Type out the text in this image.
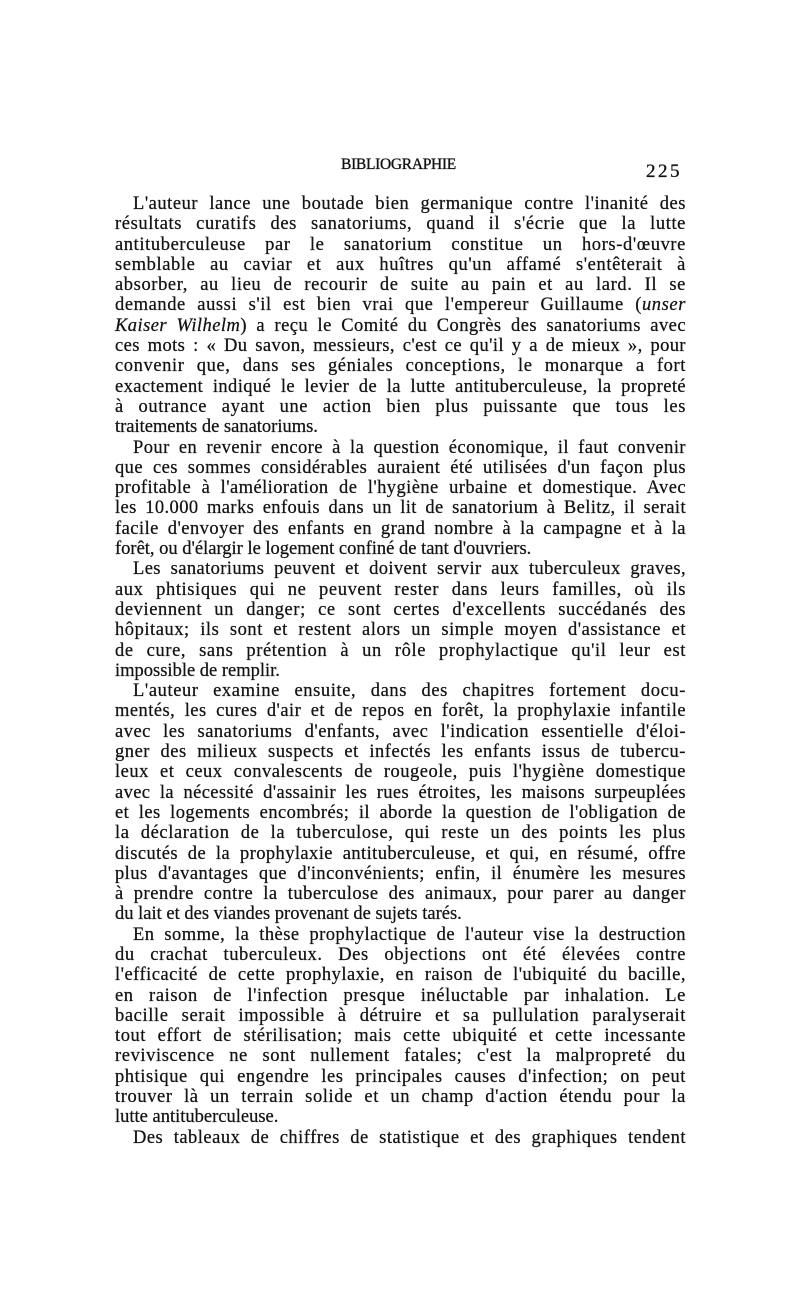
BIBLIOGRAPHIE	225
L'auteur lance une boutade bien germanique contre l'inanité des
résultats curatifs des sanatoriums, quand il s'écrie que la lutte
antituberculeuse par le sanatorium constitue un hors-d'œuvre
semblable au caviar et aux huîtres qu'un affamé s'entêterait à
absorber, au lieu de recourir de suite au pain et au lard. Il se
demande aussi s'il est bien vrai que l'empereur Guillaume (unser
Kaiser Wilhelm) a reçu le Comité du Congrès des sanatoriums avec
ces mots : « Du savon, messieurs, c'est ce qu'il y a de mieux », pour
convenir que, dans ses géniales conceptions, le monarque a fort
exactement indiqué le levier de la lutte antituberculeuse, la propreté
à outrance ayant une action bien plus puissante que tous les
traitements de sanatoriums.
Pour en revenir encore à la question économique, il faut convenir
que ces sommes considérables auraient été utilisées d'un façon plus
profitable à l'amélioration de l'hygiène urbaine et domestique. Avec
les 10.000 marks enfouis dans un lit de sanatorium à Belitz, il serait
facile d'envoyer des enfants en grand nombre à la campagne et à la
forêt, ou d'élargir le logement confiné de tant d'ouvriers.
Les sanatoriums peuvent et doivent servir aux tuberculeux graves,
aux phtisiques qui ne peuvent rester dans leurs familles, où ils
deviennent un danger; ce sont certes d'excellents succédanés des
hôpitaux; ils sont et restent alors un simple moyen d'assistance et
de cure, sans prétention à un rôle prophylactique qu'il leur est
impossible de remplir.
L'auteur examine ensuite, dans des chapitres fortement docu-
mentés, les cures d'air et de repos en forêt, la prophylaxie infantile
avec les sanatoriums d'enfants, avec l'indication essentielle d'éloi-
gner des milieux suspects et infectés les enfants issus de tubercu-
leux et ceux convalescents de rougeole, puis l'hygiène domestique
avec la nécessité d'assainir les rues étroites, les maisons surpeuplées
et les logements encombrés; il aborde la question de l'obligation de
la déclaration de la tuberculose, qui reste un des points les plus
discutés de la prophylaxie antituberculeuse, et qui, en résumé, offre
plus d'avantages que d'inconvénients; enfin, il énumère les mesures
à prendre contre la tuberculose des animaux, pour parer au danger
du lait et des viandes provenant de sujets tarés.
En somme, la thèse prophylactique de l'auteur vise la destruction
du crachat tuberculeux. Des objections ont été élevées contre
l'efficacité de cette prophylaxie, en raison de l'ubiquité du bacille,
en raison de l'infection presque inéluctable par inhalation. Le
bacille serait impossible à détruire et sa pullulation paralyserait
tout effort de stérilisation; mais cette ubiquité et cette incessante
reviviscence ne sont nullement fatales; c'est la malpropreté du
phtisique qui engendre les principales causes d'infection; on peut
trouver là un terrain solide et un champ d'action étendu pour la
lutte antituberculeuse.
Des tableaux de chiffres de statistique et des graphiques tendent
